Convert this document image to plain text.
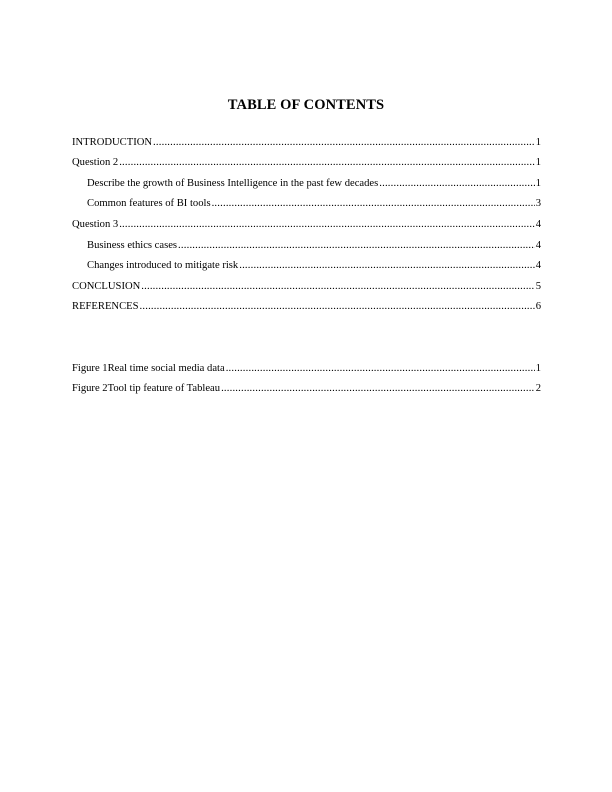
TABLE OF CONTENTS
INTRODUCTION .....	1
Question 2 .....	1
Describe the growth of Business Intelligence in the past few decades .....	1
Common features of BI tools .....	3
Question 3 .....	4
Business ethics cases .....	4
Changes introduced to mitigate risk .....	4
CONCLUSION .....	5
REFERENCES .....	6
Figure 1Real time social media data .....	1
Figure 2Tool tip feature of Tableau .....	2
